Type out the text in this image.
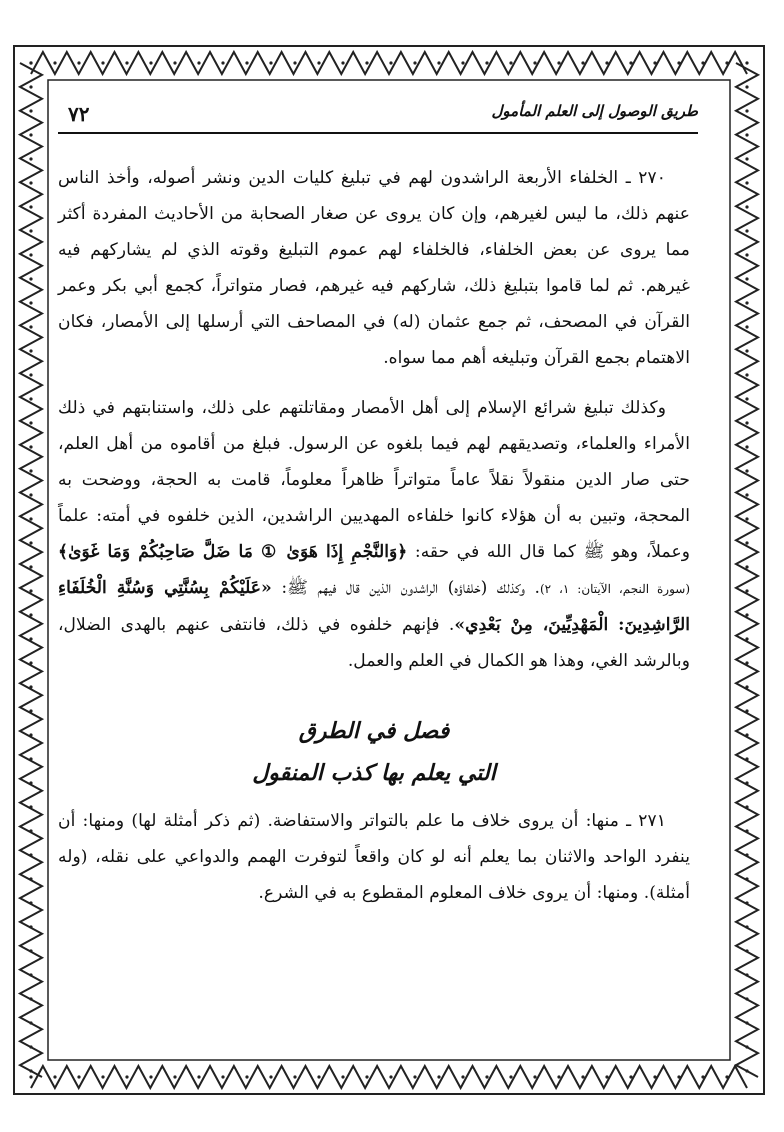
طريق الوصول إلى العلم المأمول
٧٢

٢٧٠ ـ الخلفاء الأربعة الراشدون لهم في تبليغ كليات الدين ونشر أصوله، وأخذ الناس عنهم ذلك، ما ليس لغيرهم، وإن كان يروى عن صغار الصحابة من الأحاديث المفردة أكثر مما يروى عن بعض الخلفاء، فالخلفاء لهم عموم التبليغ وقوته الذي لم يشاركهم فيه غيرهم. ثم لما قاموا بتبليغ ذلك، شاركهم فيه غيرهم، فصار متواتراً، كجمع أبي بكر وعمر القرآن في المصحف، ثم جمع عثمان (له) في المصاحف التي أرسلها إلى الأمصار، فكان الاهتمام بجمع القرآن وتبليغه أهم مما سواه.

وكذلك تبليغ شرائع الإسلام إلى أهل الأمصار ومقاتلتهم على ذلك، واستنابتهم في ذلك الأمراء والعلماء، وتصديقهم لهم فيما بلغوه عن الرسول. فبلغ من أقاموه من أهل العلم، حتى صار الدين منقولاً نقلاً عاماً متواتراً ظاهراً معلوماً، قامت به الحجة، ووضحت به المحجة، وتبين به أن هؤلاء كانوا خلفاءه المهديين الراشدين، الذين خلفوه في أمته: علماً وعملاً، وهو ﷺ كما قال الله في حقه: ﴿وَالنَّجْمِ إِذَا هَوَىٰ ① مَا ضَلَّ صَاحِبُكُمْ وَمَا غَوَىٰ﴾ (سورة النجم، الآيتان: ١، ٢). وكذلك (خلفاؤه) الراشدون الذين قال فيهم ﷺ: «عَلَيْكُمْ بِسُنَّتِي وَسُنَّةِ الْخُلَفَاءِ الرَّاشِدِينَ: الْمَهْدِيِّينَ، مِنْ بَعْدِي». فإنهم خلفوه في ذلك، فانتفى عنهم بالهدى الضلال، وبالرشد الغي، وهذا هو الكمال في العلم والعمل.

فصل في الطرق
التي يعلم بها كذب المنقول

٢٧١ ـ منها: أن يروى خلاف ما علم بالتواتر والاستفاضة. (ثم ذكر أمثلة لها) ومنها: أن ينفرد الواحد والاثنان بما يعلم أنه لو كان واقعاً لتوفرت الهمم والدواعي على نقله، (وله أمثلة). ومنها: أن يروى خلاف المعلوم المقطوع به في الشرع.
